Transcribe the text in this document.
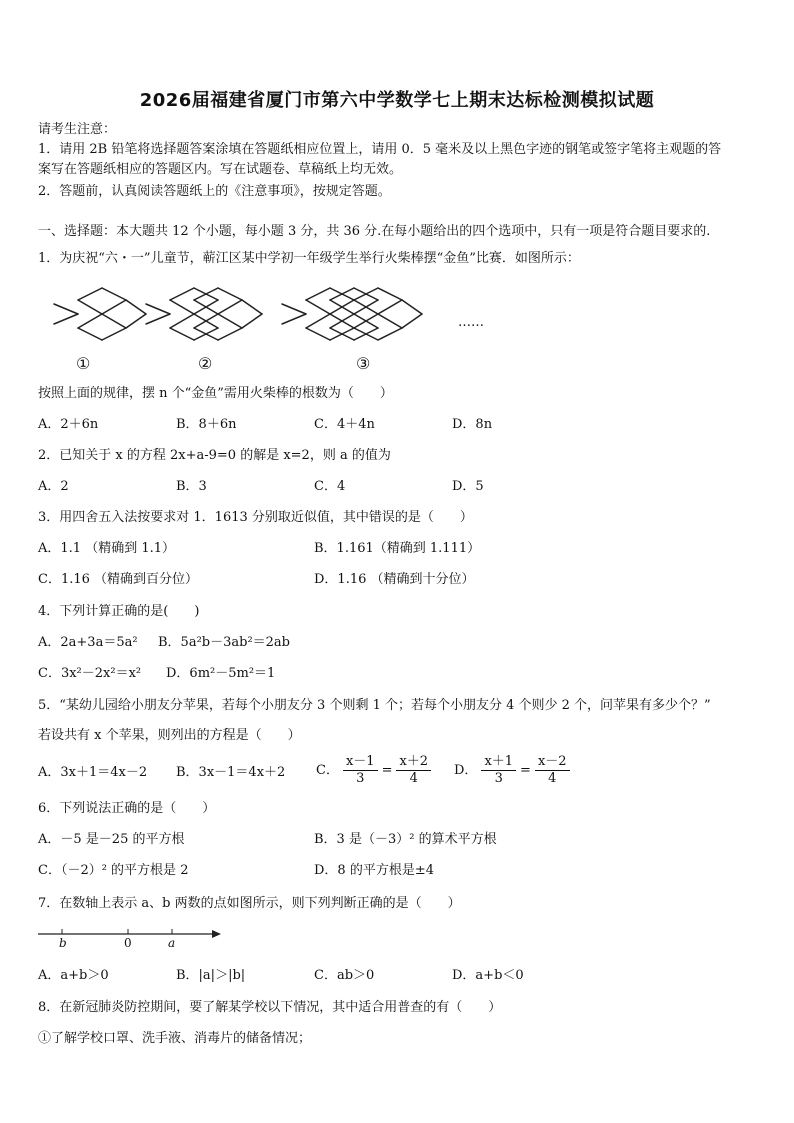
2026届福建省厦门市第六中学数学七上期末达标检测模拟试题
请考生注意：
1．请用 2B 铅笔将选择题答案涂填在答题纸相应位置上，请用 0．5 毫米及以上黑色字迹的钢笔或签字笔将主观题的答
案写在答题纸相应的答题区内。写在试题卷、草稿纸上均无效。
2．答题前，认真阅读答题纸上的《注意事项》，按规定答题。
一、选择题：本大题共 12 个小题，每小题 3 分，共 36 分.在每小题给出的四个选项中，只有一项是符合题目要求的.
1．为庆祝“六・一”儿童节，蕲江区某中学初一年级学生举行火柴棒摆“金鱼”比赛．如图所示：
①	②	③
……
按照上面的规律，摆 n 个“金鱼”需用火柴棒的根数为（　　）
A．2＋6n	B．8＋6n	C．4＋4n	D．8n
2．已知关于 x 的方程 2x+a-9=0 的解是 x=2，则 a 的值为
A．2	B．3	C．4	D．5
3．用四舍五入法按要求对 1．1613 分别取近似值，其中错误的是（　　）
A．1.1 （精确到 1.1）	B．1.161（精确到 1.111）
C．1.16 （精确到百分位）	D．1.16 （精确到十分位）
4．下列计算正确的是(　　)
A．2a+3a＝5a² B．5a²b－3ab²＝2ab
C．3x²－2x²＝x² D．6m²－5m²＝1
5．“某幼儿园给小朋友分苹果，若每个小朋友分 3 个则剩 1 个；若每个小朋友分 4 个则少 2 个，问苹果有多少个？”
若设共有 x 个苹果，则列出的方程是（　　）
A．3x＋1＝4x－2 B．3x－1＝4x＋2 C． $\frac{x-1}{3} = \frac{x+2}{4}$ D． $\frac{x+1}{3} = \frac{x-2}{4}$
6．下列说法正确的是（　　）
A．－5 是－25 的平方根	B．3 是（－3）² 的算术平方根
C．（－2）² 的平方根是 2	D．8 的平方根是±4
7．在数轴上表示 a、b 两数的点如图所示，则下列判断正确的是（　　）
b	0	a
A．a+b＞0	B．|a|＞|b|	C．ab＞0	D．a+b＜0
8．在新冠肺炎防控期间，要了解某学校以下情况，其中适合用普查的有（　　）
①了解学校口罩、洗手液、消毒片的储备情况；
